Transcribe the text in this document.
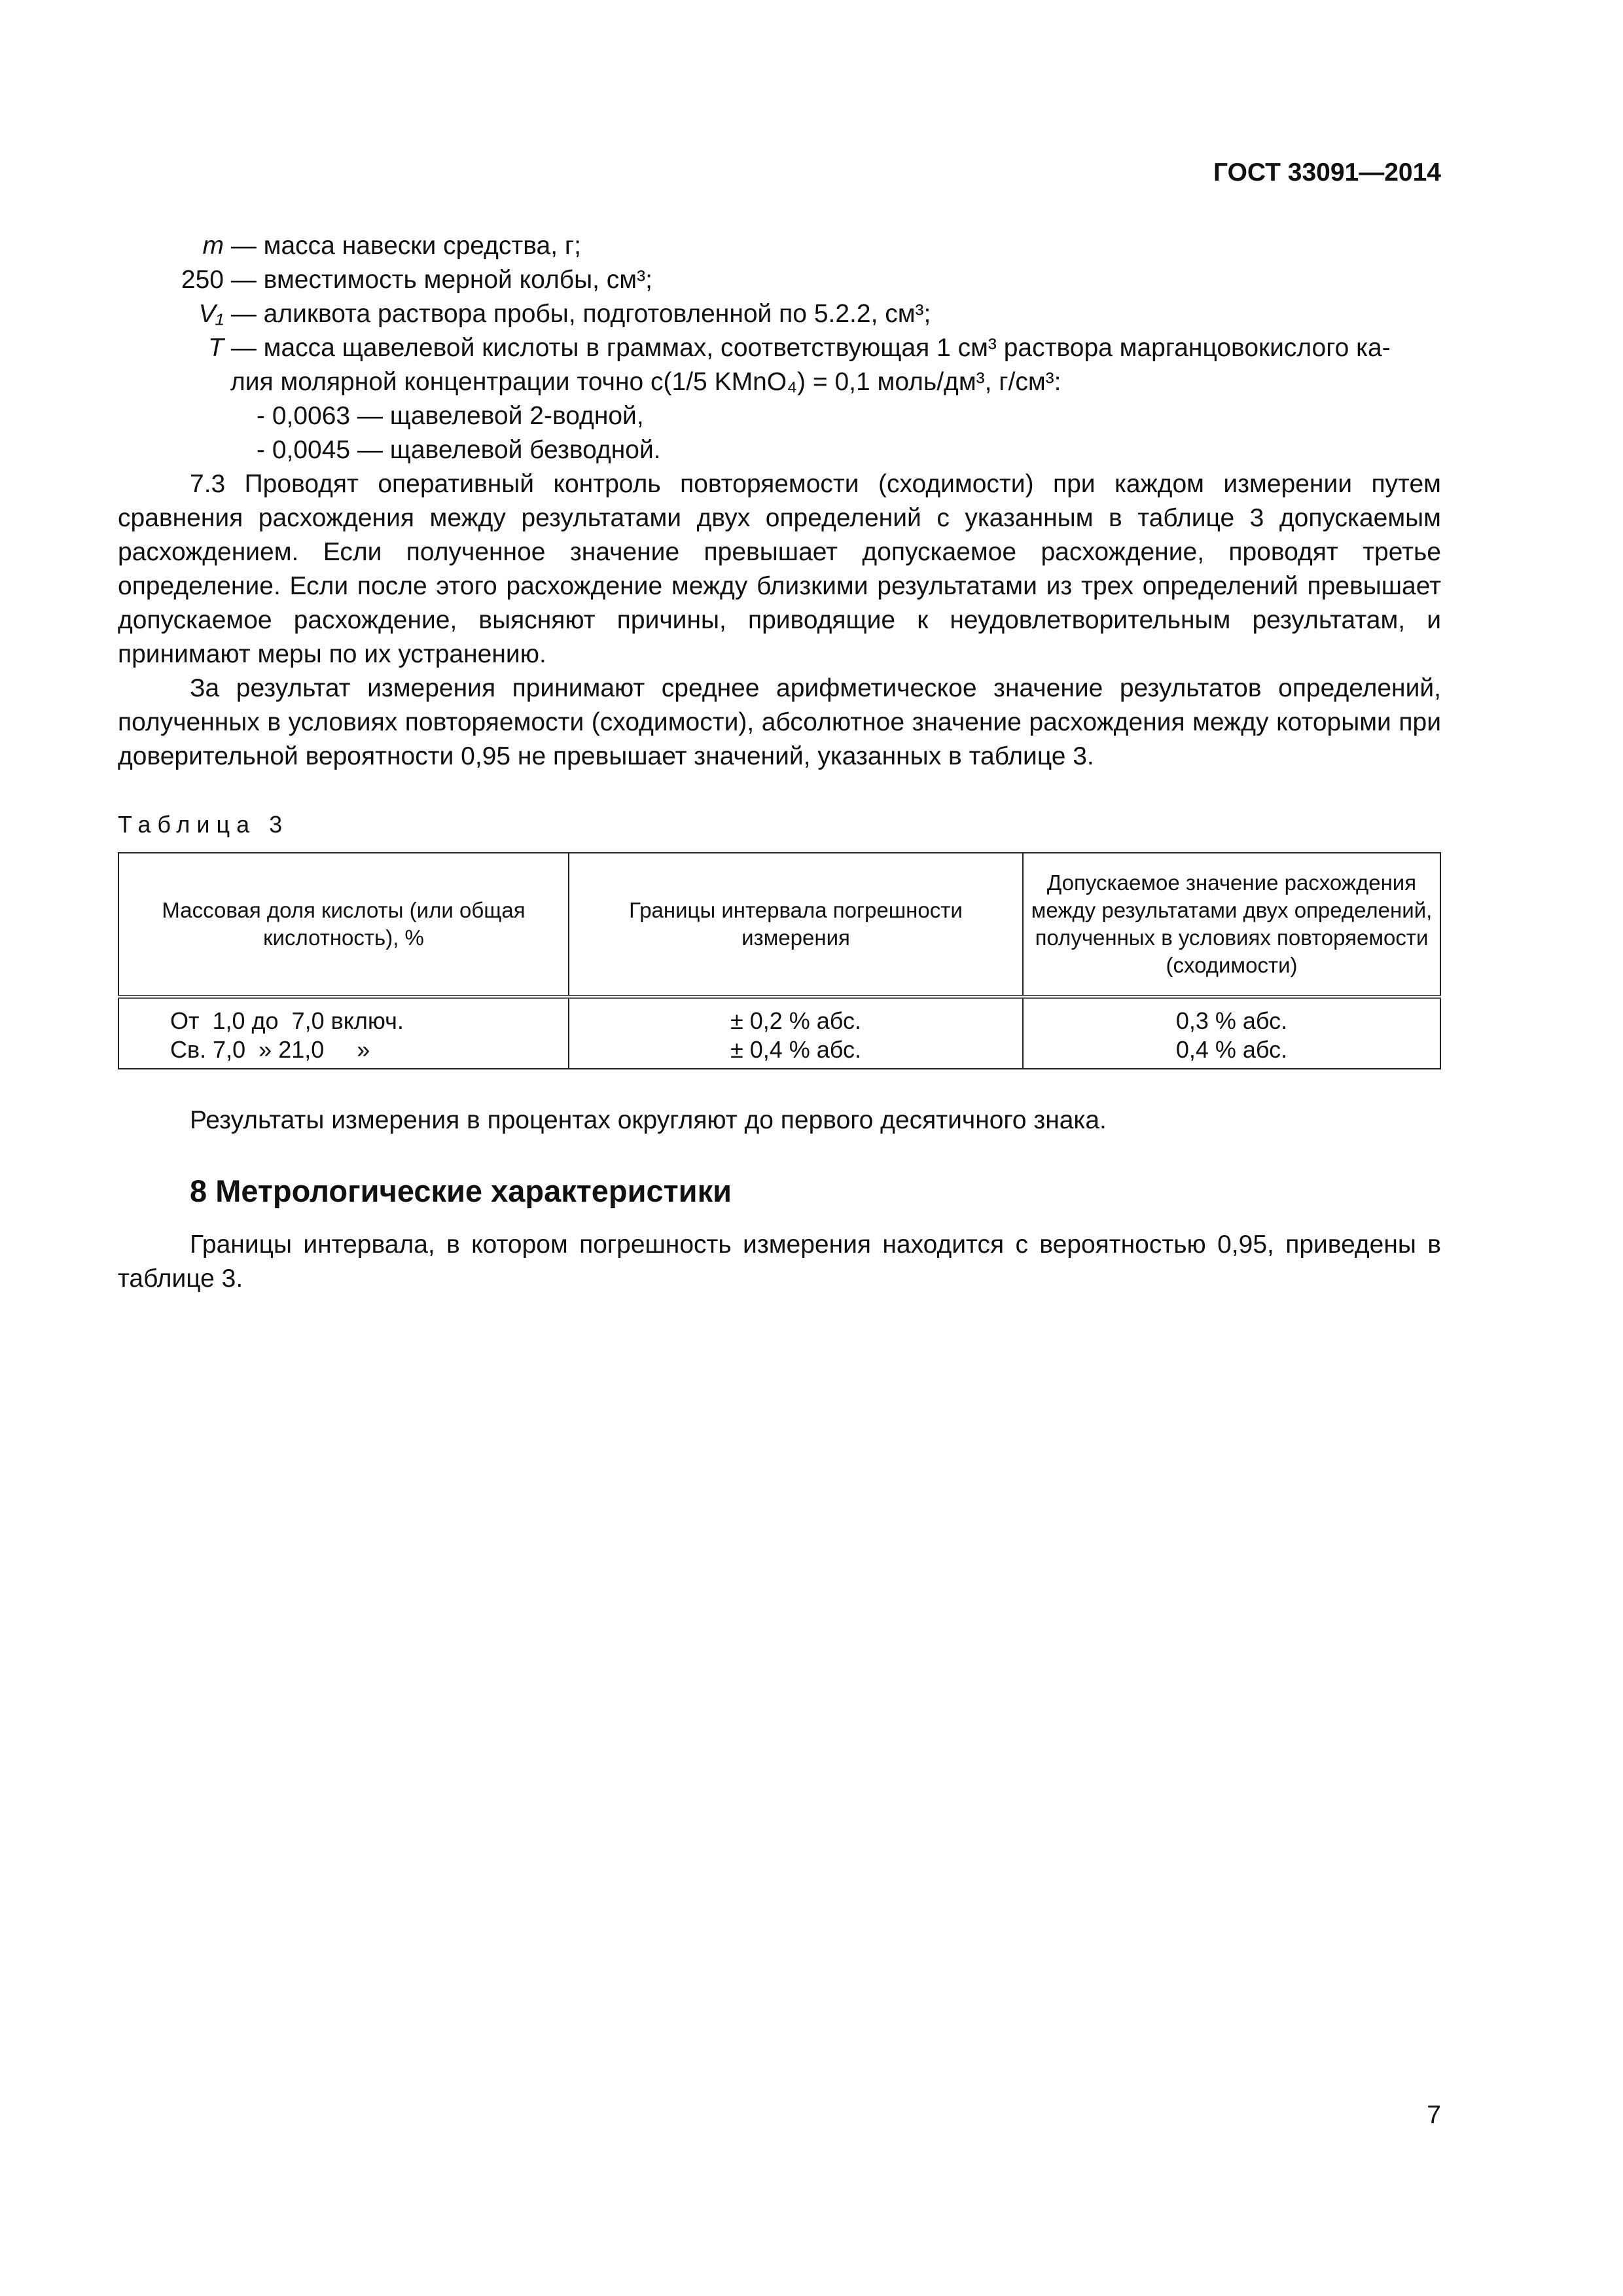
ГОСТ 33091—2014

m — масса навески средства, г;

250 — вместимость мерной колбы, см³;

V₁ — аликвота раствора пробы, подготовленной по 5.2.2, см³;

T — масса щавелевой кислоты в граммах, соответствующая 1 см³ раствора марганцовокислого ка-

лия молярной концентрации точно c(1/5 KMnO₄) = 0,1 моль/дм³, г/см³:

- 0,0063 — щавелевой 2-водной,

- 0,0045 — щавелевой безводной.

7.3 Проводят оперативный контроль повторяемости (сходимости) при каждом измерении путем сравнения расхождения между результатами двух определений с указанным в таблице 3 допускаемым расхождением. Если полученное значение превышает допускаемое расхождение, проводят третье определение. Если после этого расхождение между близкими результатами из трех определений превышает допускаемое расхождение, выясняют причины, приводящие к неудовлетворительным результатам, и принимают меры по их устранению.

За результат измерения принимают среднее арифметическое значение результатов определений, полученных в условиях повторяемости (сходимости), абсолютное значение расхождения между которыми при доверительной вероятности 0,95 не превышает значений, указанных в таблице 3.

Таблица 3
Массовая доля кислоты (или общая кислотность), %	Границы интервала погрешности измерения	Допускаемое значение расхождения между результатами двух определений, полученных в условиях повторяемости (сходимости)
От  1,0 до  7,0 включ.	± 0,2 % абс.	0,3 % абс.
Св. 7,0  » 21,0     »	± 0,4 % абс.	0,4 % абс.

Результаты измерения в процентах округляют до первого десятичного знака.

8 Метрологические характеристики

Границы интервала, в котором погрешность измерения находится с вероятностью 0,95, приведены в таблице 3.

7
